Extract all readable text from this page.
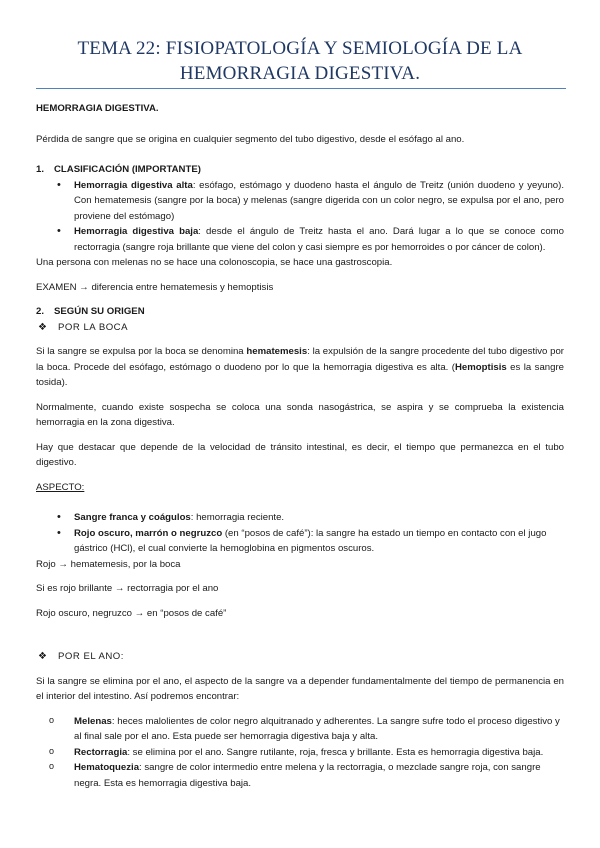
TEMA 22: FISIOPATOLOGÍA Y SEMIOLOGÍA DE LA
HEMORRAGIA DIGESTIVA.

HEMORRAGIA DIGESTIVA.

Pérdida de sangre que se origina en cualquier segmento del tubo digestivo, desde el esófago al ano.

1.	CLASIFICACIÓN (IMPORTANTE)
• Hemorragia digestiva alta: esófago, estómago y duodeno hasta el ángulo de Treitz (unión duodeno y yeyuno). Con hematemesis (sangre por la boca) y melenas (sangre digerida con un color negro, se expulsa por el ano, pero proviene del estómago)
• Hemorragia digestiva baja: desde el ángulo de Treitz hasta el ano. Dará lugar a lo que se conoce como rectorragia (sangre roja brillante que viene del colon y casi siempre es por hemorroides o por cáncer de colon).

Una persona con melenas no se hace una colonoscopia, se hace una gastroscopia.

EXAMEN → diferencia entre hematemesis y hemoptisis

2.	SEGÚN SU ORIGEN
❖	POR LA BOCA

Si la sangre se expulsa por la boca se denomina hematemesis: la expulsión de la sangre procedente del tubo digestivo por la boca. Procede del esófago, estómago o duodeno por lo que la hemorragia digestiva es alta. (Hemoptisis es la sangre tosida).

Normalmente, cuando existe sospecha se coloca una sonda nasogástrica, se aspira y se comprueba la existencia hemorragia en la zona digestiva.

Hay que destacar que depende de la velocidad de tránsito intestinal, es decir, el tiempo que permanezca en el tubo digestivo.

ASPECTO:

• Sangre franca y coágulos: hemorragia reciente.
• Rojo oscuro, marrón o negruzco (en “posos de café”): la sangre ha estado un tiempo en contacto con el jugo gástrico (HCl), el cual convierte la hemoglobina en pigmentos oscuros.

Rojo → hematemesis, por la boca

Si es rojo brillante → rectorragia por el ano

Rojo oscuro, negruzco → en “posos de café”

❖	POR EL ANO:

Si la sangre se elimina por el ano, el aspecto de la sangre va a depender fundamentalmente del tiempo de permanencia en el interior del intestino. Así podremos encontrar:

o Melenas: heces malolientes de color negro alquitranado y adherentes. La sangre sufre todo el proceso digestivo y al final sale por el ano. Esta puede ser hemorragia digestiva baja y alta.
o Rectorragia: se elimina por el ano. Sangre rutilante, roja, fresca y brillante. Esta es hemorragia digestiva baja.
o Hematoquezia: sangre de color intermedio entre melena y la rectorragia, o mezclade sangre roja, con sangre negra. Esta es hemorragia digestiva baja.
